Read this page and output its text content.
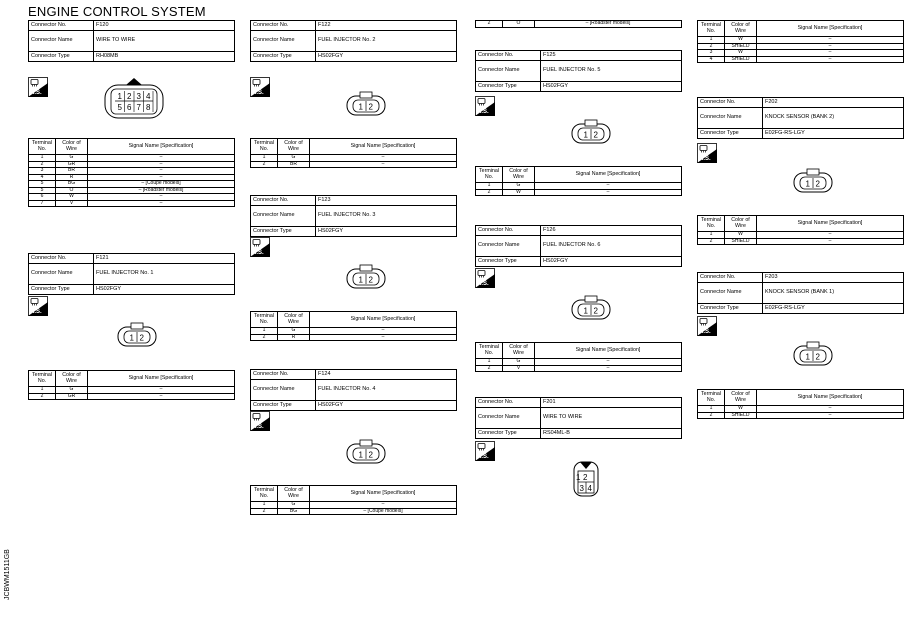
ENGINE CONTROL SYSTEM
JCBWM1511GB
Connector No.	F120
Connector Name	WIRE TO WIRE
Connector Type	RH08MB
H.S.	1
5
2
6
3
7
4
8
Terminal No.	Color of Wire	Signal Name [Specification]
1	G	–
2	GR	–
3	BR	–
4	R	–
5	BG	– [Coupe models]
5	O	– [Roadster models]
6	W	–
7	V	–
Connector No.	F121
Connector Name	FUEL INJECTOR No. 1
Connector Type	HS02FGY
H.S.
1 2
Terminal No.	Color of Wire	Signal Name [Specification]
1	G	–
2	GR	–
Connector No.	F122
Connector Name	FUEL INJECTOR No. 2
Connector Type	HS02FGY
H.S.
1 2
Terminal No.	Color of Wire	Signal Name [Specification]
1	G	–
2	BR	–
Connector No.	F123
Connector Name	FUEL INJECTOR No. 3
Connector Type	HS02FGY
H.S.
1 2
Terminal No.	Color of Wire	Signal Name [Specification]
1	G	–
2	R	–
Connector No.	F124
Connector Name	FUEL INJECTOR No. 4
Connector Type	HS02FGY
H.S.
1 2
Terminal No.	Color of Wire	Signal Name [Specification]
1	G	–
2	BG	– [Coupe models]
2	O	– [Roadster models]
Connector No.	F125
Connector Name	FUEL INJECTOR No. 5
Connector Type	HS02FGY
H.S.
1 2
Terminal No.	Color of Wire	Signal Name [Specification]
1	G	–
2	W	–
Connector No.	F126
Connector Name	FUEL INJECTOR No. 6
Connector Type	HS02FGY
H.S.
1 2
Terminal No.	Color of Wire	Signal Name [Specification]
1	G	–
2	V	–
Connector No.	F201
Connector Name	WIRE TO WIRE
Connector Type	RS04ML-B
H.S.
2
3 4
1
Terminal No.	Color of Wire	Signal Name [Specification]
1	W	–
2	SHIELD	–
3	W	–
4	SHIELD	–
Connector No.	F202
Connector Name	KNOCK SENSOR (BANK 2)
Connector Type	E02FG-RS-LGY
H.S.
1 2
Terminal No.	Color of Wire	Signal Name [Specification]
1	W	–
2	SHIELD	–
Connector No.	F203
Connector Name	KNOCK SENSOR (BANK 1)
Connector Type	E02FG-RS-LGY
H.S.
1 2
Terminal No.	Color of Wire	Signal Name [Specification]
1	W	–
2	SHIELD	–
